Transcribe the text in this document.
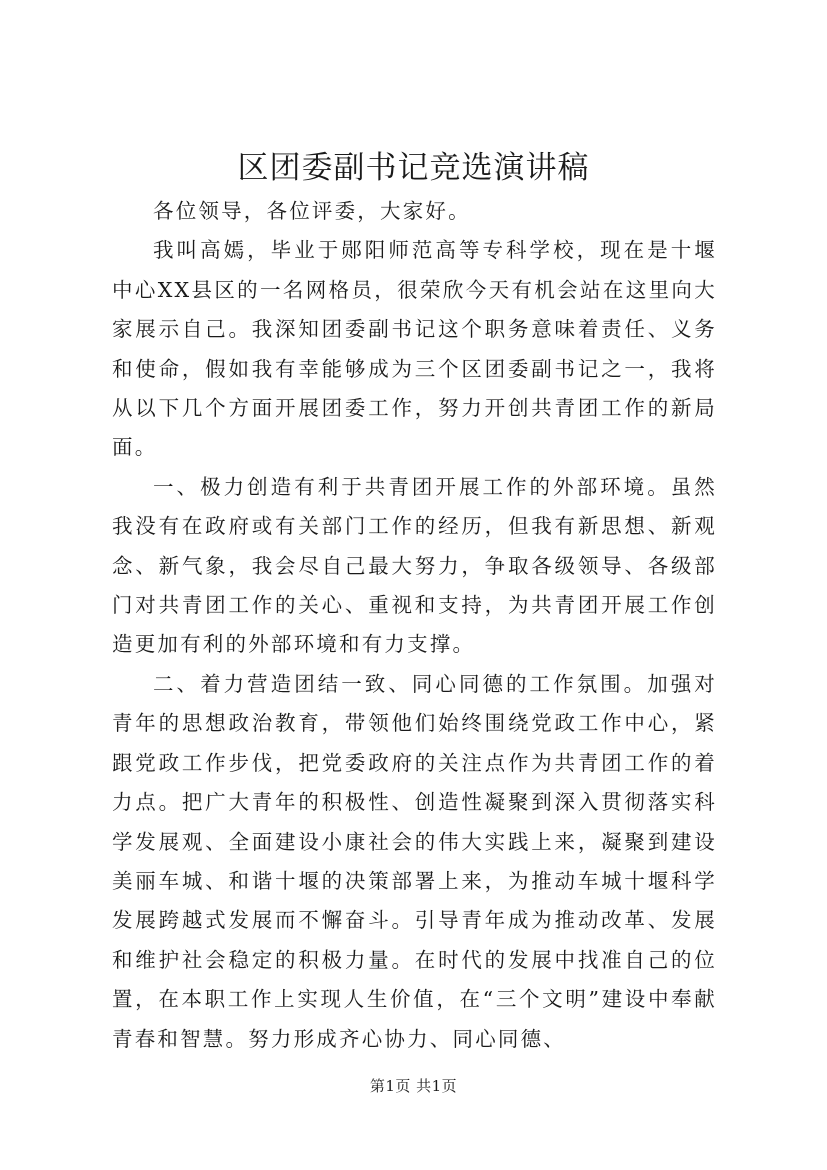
区团委副书记竞选演讲稿

各位领导，各位评委，大家好。

我叫高嫣，毕业于郧阳师范高等专科学校，现在是十堰中心XX县区的一名网格员，很荣欣今天有机会站在这里向大家展示自己。我深知团委副书记这个职务意味着责任、义务和使命，假如我有幸能够成为三个区团委副书记之一，我将从以下几个方面开展团委工作，努力开创共青团工作的新局面。

一、极力创造有利于共青团开展工作的外部环境。虽然我没有在政府或有关部门工作的经历，但我有新思想、新观念、新气象，我会尽自己最大努力，争取各级领导、各级部门对共青团工作的关心、重视和支持，为共青团开展工作创造更加有利的外部环境和有力支撑。

二、着力营造团结一致、同心同德的工作氛围。加强对青年的思想政治教育，带领他们始终围绕党政工作中心，紧跟党政工作步伐，把党委政府的关注点作为共青团工作的着力点。把广大青年的积极性、创造性凝聚到深入贯彻落实科学发展观、全面建设小康社会的伟大实践上来，凝聚到建设美丽车城、和谐十堰的决策部署上来，为推动车城十堰科学发展跨越式发展而不懈奋斗。引导青年成为推动改革、发展和维护社会稳定的积极力量。在时代的发展中找准自己的位置，在本职工作上实现人生价值，在“三个文明”建设中奉献青春和智慧。努力形成齐心协力、同心同德、

第1页 共1页
